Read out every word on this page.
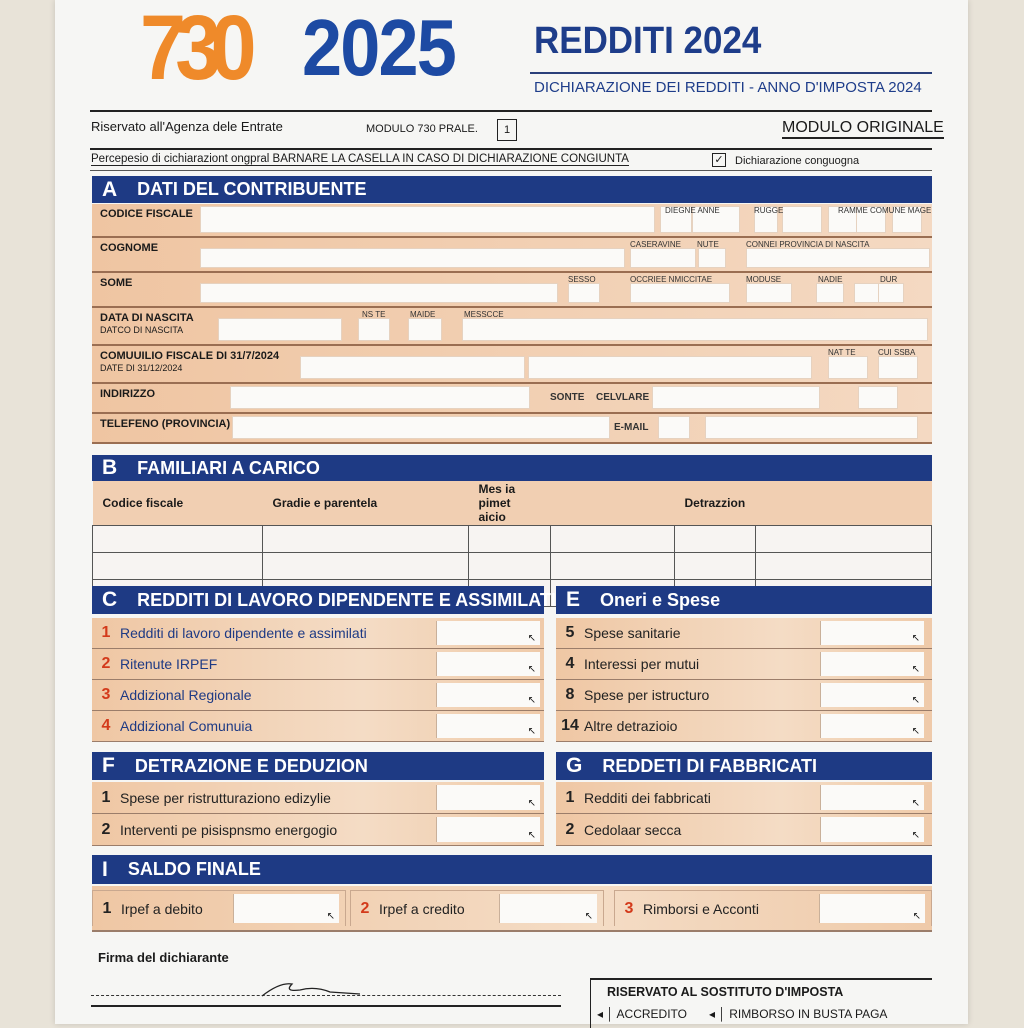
730 2025 REDDITI 2024
DICHIARAZIONE DEI REDDITI - ANNO D'IMPOSTA 2024
Riservato all'Agenza dele Entrate	MODULO 730 PRALE.	1	MODULO ORIGINALE
Percepesio di cichiaraziont ongpral BARNARE LA CASELLA IN CASO DI DICHIARAZIONE CONGIUNTA	✓ Dichiarazione conguogna
A DATI DEL CONTRIBUENTE
CODICE FISCALE	DIEGNE ANNE	RUGGE	RAMME COMUNE MAGE
COGNOME	CASERAVINE NUTE	CONNEI PROVINCIA DI NASCITA
SOME	SESSO	OCCRIEE NMICCITAE	MODUSE	NADIE	DUR
DATA DI NASCITA
DATCO DI NASCITA
NS TE	MAIDE	MESSCCE
COMUUILIO FISCALE DI 31/7/2024
DATE DI 31/12/2024
NAT TE	CUI SSBA
INDIRIZZO	SONTE CELVLARE
TELEFENO (PROVINCIA)	E-MAIL
B FAMILIARI A CARICO
Codice fiscale	Gradie e parentela	Mes ia pimet aicio		Detrazzion	

C REDDITI DI LAVORO DIPENDENTE E ASSIMILATI
1 Redditi di lavoro dipendente e assimilati	↖
2 Ritenute IRPEF	↖
3 Addizional Regionale	↖
4 Addizional Comunuia	↖
E Oneri e Spese
5 Spese sanitarie	↖
4 Interessi per mutui	↖
8 Spese per istructuro	↖
14 Altre detrazioio	↖
F DETRAZIONE E DEDUZION
1 Spese per ristrutturaziono edizylie	↖
2 Interventi pe pisispnsmo energogio	↖
G REDDETI DI FABBRICATI
1 Redditi dei fabbricati	↖
2 Cedolaar secca	↖
I SALDO FINALE
1 Irpef a debito	↖	2 Irpef a credito	↖	3 Rimborsi e Acconti	↖
Firma del dichiarante
RISERVATO AL SOSTITUTO D'IMPOSTA
◂ │ ACCREDITO ◂ │ RIMBORSO IN BUSTA PAGA
